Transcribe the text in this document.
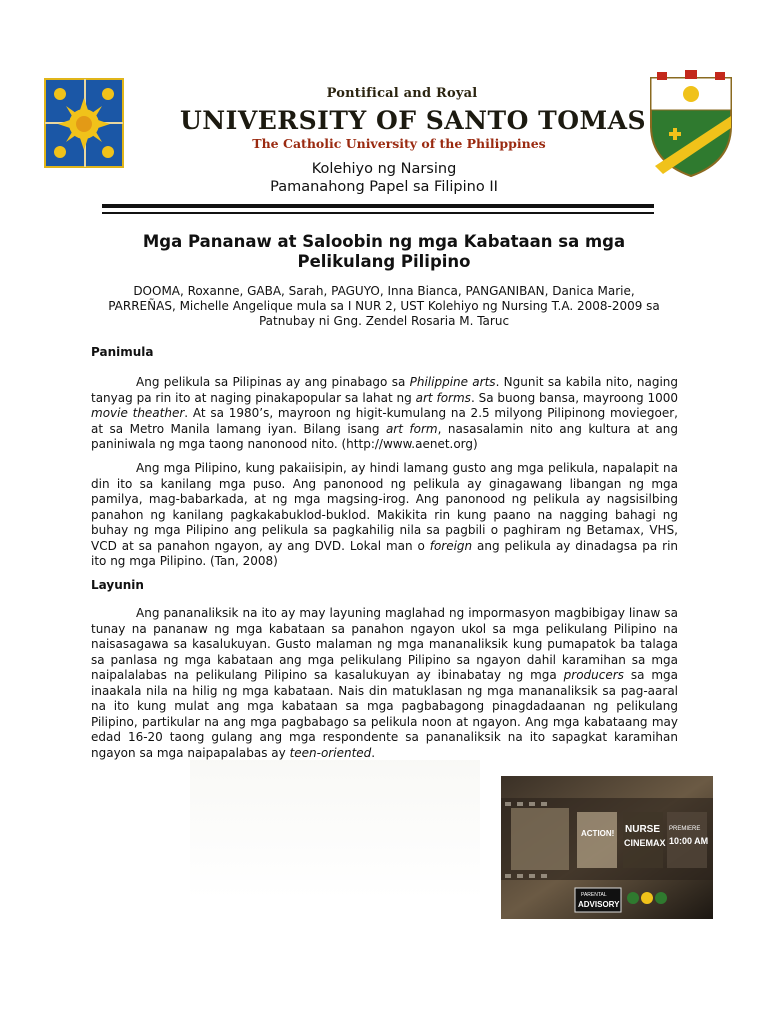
Pontifical and Royal
UNIVERSITY OF SANTO TOMAS
The Catholic University of the Philippines
Kolehiyo ng Narsing
Pamanahong Papel sa Filipino II
Mga Pananaw at Saloobin ng mga Kabataan sa mga
Pelikulang Pilipino
DOOMA, Roxanne, GABA, Sarah, PAGUYO, Inna Bianca, PANGANIBAN, Danica Marie,
PARREÑAS, Michelle Angelique mula sa I NUR 2, UST Kolehiyo ng Nursing T.A. 2008-2009 sa
Patnubay ni Gng. Zendel Rosaria M. Taruc
Panimula
Ang pelikula sa Pilipinas ay ang pinabago sa Philippine arts. Ngunit sa kabila nito, naging tanyag pa rin ito at naging pinakapopular sa lahat ng art forms. Sa buong bansa, mayroong 1000 movie theather. At sa 1980’s, mayroon ng higit-kumulang na 2.5 milyong Pilipinong moviegoer, at sa Metro Manila lamang iyan. Bilang isang art form, nasasalamin nito ang kultura at ang paniniwala ng mga taong nanonood nito. (http://www.aenet.org)
Ang mga Pilipino, kung pakaiisipin, ay hindi lamang gusto ang mga pelikula, napalapit na din ito sa kanilang mga puso. Ang panonood ng pelikula ay ginagawang libangan ng mga pamilya, mag-babarkada, at ng mga magsing-irog. Ang panonood ng pelikula ay nagsisilbing panahon ng kanilang pagkakabuklod-buklod. Makikita rin kung paano na nagging bahagi ng buhay ng mga Pilipino ang pelikula sa pagkahilig nila sa pagbili o paghiram ng Betamax, VHS, VCD at sa panahon ngayon, ay ang DVD. Lokal man o foreign ang pelikula ay dinadagsa pa rin ito ng mga Pilipino. (Tan, 2008)
Layunin
Ang pananaliksik na ito ay may layuning maglahad ng impormasyon magbibigay linaw sa tunay na pananaw ng mga kabataan sa panahon ngayon ukol sa mga pelikulang Pilipino na naisasagawa sa kasalukuyan. Gusto malaman ng mga mananaliksik kung pumapatok ba talaga sa panlasa ng mga kabataan ang mga pelikulang Pilipino sa ngayon dahil karamihan sa mga naipalalabas na pelikulang Pilipino sa kasalukuyan ay ibinabatay ng mga producers sa mga inaakala nila na hilig ng mga kabataan. Nais din matuklasan ng mga mananaliksik sa pag-aaral na ito kung mulat ang mga kabataan sa mga pagbabagong pinagdadaanan ng pelikulang Pilipino, partikular na ang mga pagbabago sa pelikula noon at ngayon. Ang mga kabataang may edad 16-20 taong gulang ang mga respondente sa pananaliksik na ito sapagkat karamihan ngayon sa mga naipapalabas ay teen-oriented.
ACTION! NURSE
CINEMAX
PREMIERE
10:00 AM
PARENTAL
ADVISORY
